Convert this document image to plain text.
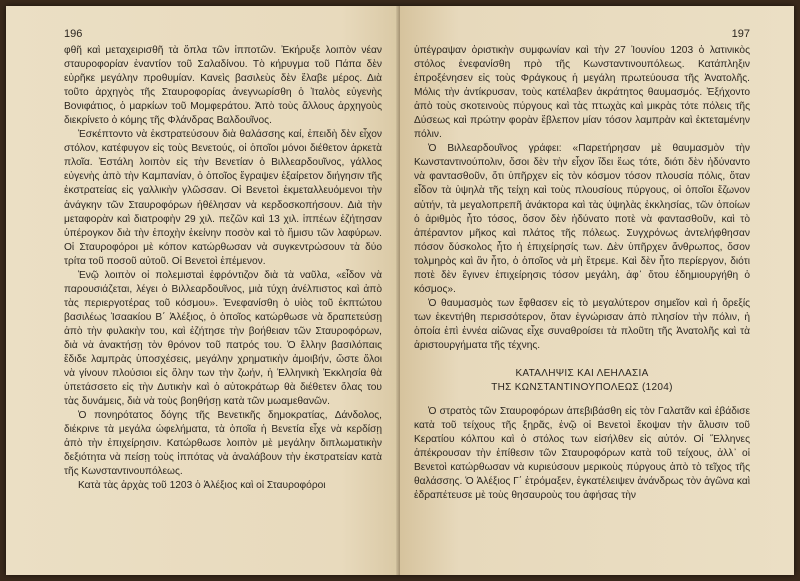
196

φθῆ καὶ μεταχειρισθῆ τὰ ὅπλα τῶν ἱπποτῶν. Ἐκήρυξε λοιπὸν νέαν σταυροφορίαν ἐναντίον τοῦ Σαλαδίνου. Τὸ κήρυγμα τοῦ Πάπα δὲν εὑρῆκε μεγάλην προθυμίαν. Κανεὶς βασιλεὺς δὲν ἔλαβε μέρος. Διὰ τοῦτο ἀρχηγὸς τῆς Σταυροφορίας ἀνεγνωρίσθη ὁ Ἰταλὸς εὐγενὴς Βονιφάτιος, ὁ μαρκίων τοῦ Μομφεράτου. Ἀπὸ τοὺς ἄλλους ἀρχηγοὺς διεκρίνετο ὁ κόμης τῆς Φλάνδρας Βαλδουῖνος.

Ἐσκέπτοντο νὰ ἐκστρατεύσουν διὰ θαλάσσης καί, ἐπειδὴ δὲν εἶχον στόλον, κατέφυγον εἰς τοὺς Βενετούς, οἱ ὁποῖοι μόνοι διέθετον ἀρκετὰ πλοῖα. Ἐστάλη λοιπὸν εἰς τὴν Βενετίαν ὁ Βιλλεαρδουῖνος, γάλλος εὐγενὴς ἀπὸ τὴν Καμπανίαν, ὁ ὁποῖος ἔγραψεν ἐξαίρετον διήγησιν τῆς ἐκστρατείας εἰς γαλλικὴν γλῶσσαν. Οἱ Βενετοὶ ἐκμεταλλευόμενοι τὴν ἀνάγκην τῶν Σταυροφόρων ἠθέλησαν νὰ κερδοσκοπήσουν. Διὰ τὴν μεταφορὰν καὶ διατροφὴν 29 χιλ. πεζῶν καὶ 13 χιλ. ἱππέων ἐζήτησαν ὑπέρογκον διὰ τὴν ἐποχὴν ἐκείνην ποσὸν καὶ τὸ ἥμισυ τῶν λαφύρων. Οἱ Σταυροφόροι μὲ κόπον κατώρθωσαν νὰ συγκεντρώσουν τὰ δύο τρίτα τοῦ ποσοῦ αὐτοῦ. Οἱ Βενετοὶ ἐπέμενον.

Ἐνῷ λοιπὸν οἱ πολεμισταὶ ἐφρόντιζον διὰ τὰ ναῦλα, «εἶδον νὰ παρουσιάζεται, λέγει ὁ Βιλλεαρδουῖνος, μιὰ τύχη ἀνέλπιστος καὶ ἀπὸ τὰς περιεργοτέρας τοῦ κόσμου». Ἐνεφανίσθη ὁ υἱὸς τοῦ ἐκπτώτου βασιλέως Ἰσαακίου Β΄ Ἀλέξιος, ὁ ὁποῖος κατώρθωσε νὰ δραπετεύσῃ ἀπὸ τὴν φυλακὴν του, καὶ ἐζήτησε τὴν βοήθειαν τῶν Σταυροφόρων, διὰ νὰ ἀνακτήσῃ τὸν θρόνον τοῦ πατρός του. Ὁ ἔλλην βασιλόπαις ἔδιδε λαμπρὰς ὑποσχέσεις, μεγάλην χρηματικὴν ἀμοιβήν, ὥστε ὅλοι νὰ γίνουν πλούσιοι εἰς ὅλην των τὴν ζωήν, ἡ Ἑλληνικὴ Ἐκκλησία θὰ ὑπετάσσετο εἰς τὴν Δυτικὴν καὶ ὁ αὐτοκράτωρ θὰ διέθετεν ὅλας του τὰς δυνάμεις, διὰ νὰ τοὺς βοηθήσῃ κατὰ τῶν μωαμεθανῶν.

Ὁ πονηρότατος δόγης τῆς Βενετικῆς δημοκρατίας, Δάνδολος, διέκρινε τὰ μεγάλα ὠφελήματα, τὰ ὁποῖα ἡ Βενετία εἶχε νὰ κερδίσῃ ἀπὸ τὴν ἐπιχείρησιν. Κατώρθωσε λοιπὸν μὲ μεγάλην διπλωματικὴν δεξιότητα νὰ πείσῃ τοὺς ἱππότας νὰ ἀναλάβουν τὴν ἐκστρατείαν κατὰ τῆς Κωνσταντινουπόλεως.

Κατὰ τὰς ἀρχὰς τοῦ 1203 ὁ Ἀλέξιος καὶ οἱ Σταυροφόροι

197

ὑπέγραψαν ὁριστικὴν συμφωνίαν καὶ τὴν 27 Ἰουνίου 1203 ὁ λατινικὸς στόλος ἐνεφανίσθη πρὸ τῆς Κωνσταντινουπόλεως. Κατάπληξιν ἐπροξένησεν εἰς τοὺς Φράγκους ἡ μεγάλη πρωτεύουσα τῆς Ἀνατολῆς. Μόλις τὴν ἀντίκρυσαν, τοὺς κατέλαβεν ἀκράτητος θαυμασμός. Ἐξήχοντο ἀπὸ τοὺς σκοτεινοὺς πύργους καὶ τὰς πτωχὰς καὶ μικρὰς τότε πόλεις τῆς Δύσεως καὶ πρώτην φορὰν ἔβλεπον μίαν τόσον λαμπρὰν καὶ ἐκτεταμένην πόλιν.

Ὁ Βιλλεαρδουῖνος γράφει: «Παρετήρησαν μὲ θαυμασμὸν τὴν Κωνσταντινούπολιν, ὅσοι δὲν τὴν εἶχον ἴδει ἕως τότε, διότι δὲν ἠδύναντο νὰ φαντασθοῦν, ὅτι ὑπῆρχεν εἰς τὸν κόσμον τόσον πλουσία πόλις, ὅταν εἶδον τὰ ὑψηλὰ τῆς τείχη καὶ τοὺς πλουσίους πύργους, οἱ ὁποῖοι ἔζωνον αὐτήν, τὰ μεγαλοπρεπῆ ἀνάκτορα καὶ τὰς ὑψηλὰς ἐκκλησίας, τῶν ὁποίων ὁ ἀριθμὸς ἦτο τόσος, ὅσον δὲν ἠδύνατο ποτὲ νὰ φαντασθοῦν, καὶ τὸ ἀπέραντον μῆκος καὶ πλάτος τῆς πόλεως. Συγχρόνως ἀντελήφθησαν πόσον δύσκολος ἦτο ἡ ἐπιχείρησίς των. Δὲν ὑπῆρχεν ἄνθρωπος, ὅσον τολμηρὸς καὶ ἂν ἦτο, ὁ ὁποῖος νὰ μὴ ἔτρεμε. Καὶ δὲν ἦτο περίεργον, διότι ποτὲ δὲν ἔγινεν ἐπιχείρησις τόσον μεγάλη, ἀφ᾿ ὅτου ἐδημιουργήθη ὁ κόσμος».

Ὁ θαυμασμὸς των ἔφθασεν εἰς τὸ μεγαλύτερον σημεῖον καὶ ἡ ὄρεξίς των ἐκεντήθη περισσότερον, ὅταν ἐγνώρισαν ἀπὸ πλησίον τὴν πόλιν, ἡ ὁποία ἐπὶ ἐννέα αἰῶνας εἶχε συναθροίσει τὰ πλοῦτη τῆς Ἀνατολῆς καὶ τὰ ἀριστουργήματα τῆς τέχνης.

ΚΑΤΑΛΗΨΙΣ ΚΑΙ ΛΕΗΛΑΣΙΑ
ΤΗΣ ΚΩΝΣΤΑΝΤΙΝΟΥΠΟΛΕΩΣ (1204)

Ὁ στρατὸς τῶν Σταυροφόρων ἀπεβιβάσθη εἰς τὸν Γαλατᾶν καὶ ἐβάδισε κατὰ τοῦ τείχους τῆς ξηρᾶς, ἐνῷ οἱ Βενετοὶ ἔκοψαν τὴν ἅλυσιν τοῦ Κερατίου κόλπου καὶ ὁ στόλος των εἰσήλθεν εἰς αὐτόν. Οἱ Ἕλληνες ἀπέκρουσαν τὴν ἐπίθεσιν τῶν Σταυροφόρων κατὰ τοῦ τείχους, ἀλλ᾿ οἱ Βενετοὶ κατώρθωσαν νὰ κυριεύσουν μερικοὺς πύργους ἀπὸ τὸ τεῖχος τῆς θαλάσσης. Ὁ Ἀλέξιος Γ΄ ἐτρόμαξεν, ἐγκατέλειψεν ἀνάνδρως τὸν ἀγῶνα καὶ ἐδραπέτευσε μὲ τοὺς θησαυροὺς του ἀφήσας τὴν
